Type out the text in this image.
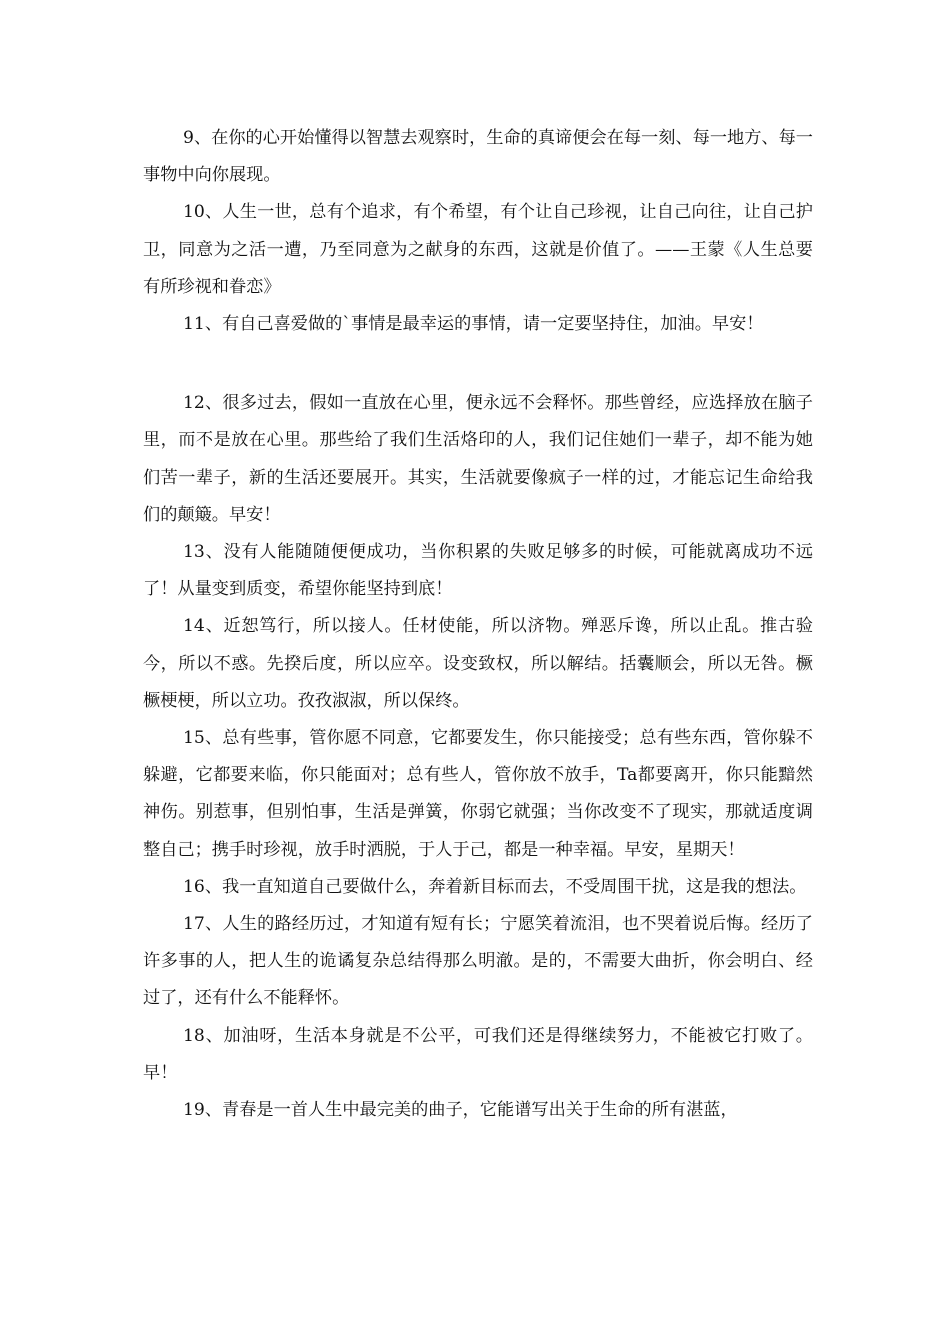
9、在你的心开始懂得以智慧去观察时，生命的真谛便会在每一刻、每一地方、每一事物中向你展现。

10、人生一世，总有个追求，有个希望，有个让自己珍视，让自己向往，让自己护卫，同意为之活一遭，乃至同意为之献身的东西，这就是价值了。——王蒙《人生总要有所珍视和眷恋》

11、有自己喜爱做的`事情是最幸运的事情，请一定要坚持住，加油。早安！

12、很多过去，假如一直放在心里，便永远不会释怀。那些曾经，应选择放在脑子里，而不是放在心里。那些给了我们生活烙印的人，我们记住她们一辈子，却不能为她们苦一辈子，新的生活还要展开。其实，生活就要像疯子一样的过，才能忘记生命给我们的颠簸。早安！

13、没有人能随随便便成功，当你积累的失败足够多的时候，可能就离成功不远了！从量变到质变，希望你能坚持到底！

14、近恕笃行，所以接人。任材使能，所以济物。殚恶斥谗，所以止乱。推古验今，所以不惑。先揆后度，所以应卒。设变致权，所以解结。括囊顺会，所以无咎。橛橛梗梗，所以立功。孜孜淑淑，所以保终。

15、总有些事，管你愿不同意，它都要发生，你只能接受；总有些东西，管你躲不躲避，它都要来临，你只能面对；总有些人，管你放不放手，Ta都要离开，你只能黯然神伤。别惹事，但别怕事，生活是弹簧，你弱它就强；当你改变不了现实，那就适度调整自己；携手时珍视，放手时洒脱，于人于己，都是一种幸福。早安，星期天！

16、我一直知道自己要做什么，奔着新目标而去，不受周围干扰，这是我的想法。

17、人生的路经历过，才知道有短有长；宁愿笑着流泪，也不哭着说后悔。经历了许多事的人，把人生的诡谲复杂总结得那么明澈。是的，不需要大曲折，你会明白、经过了，还有什么不能释怀。

18、加油呀，生活本身就是不公平，可我们还是得继续努力，不能被它打败了。早！

19、青春是一首人生中最完美的曲子，它能谱写出关于生命的所有湛蓝，
